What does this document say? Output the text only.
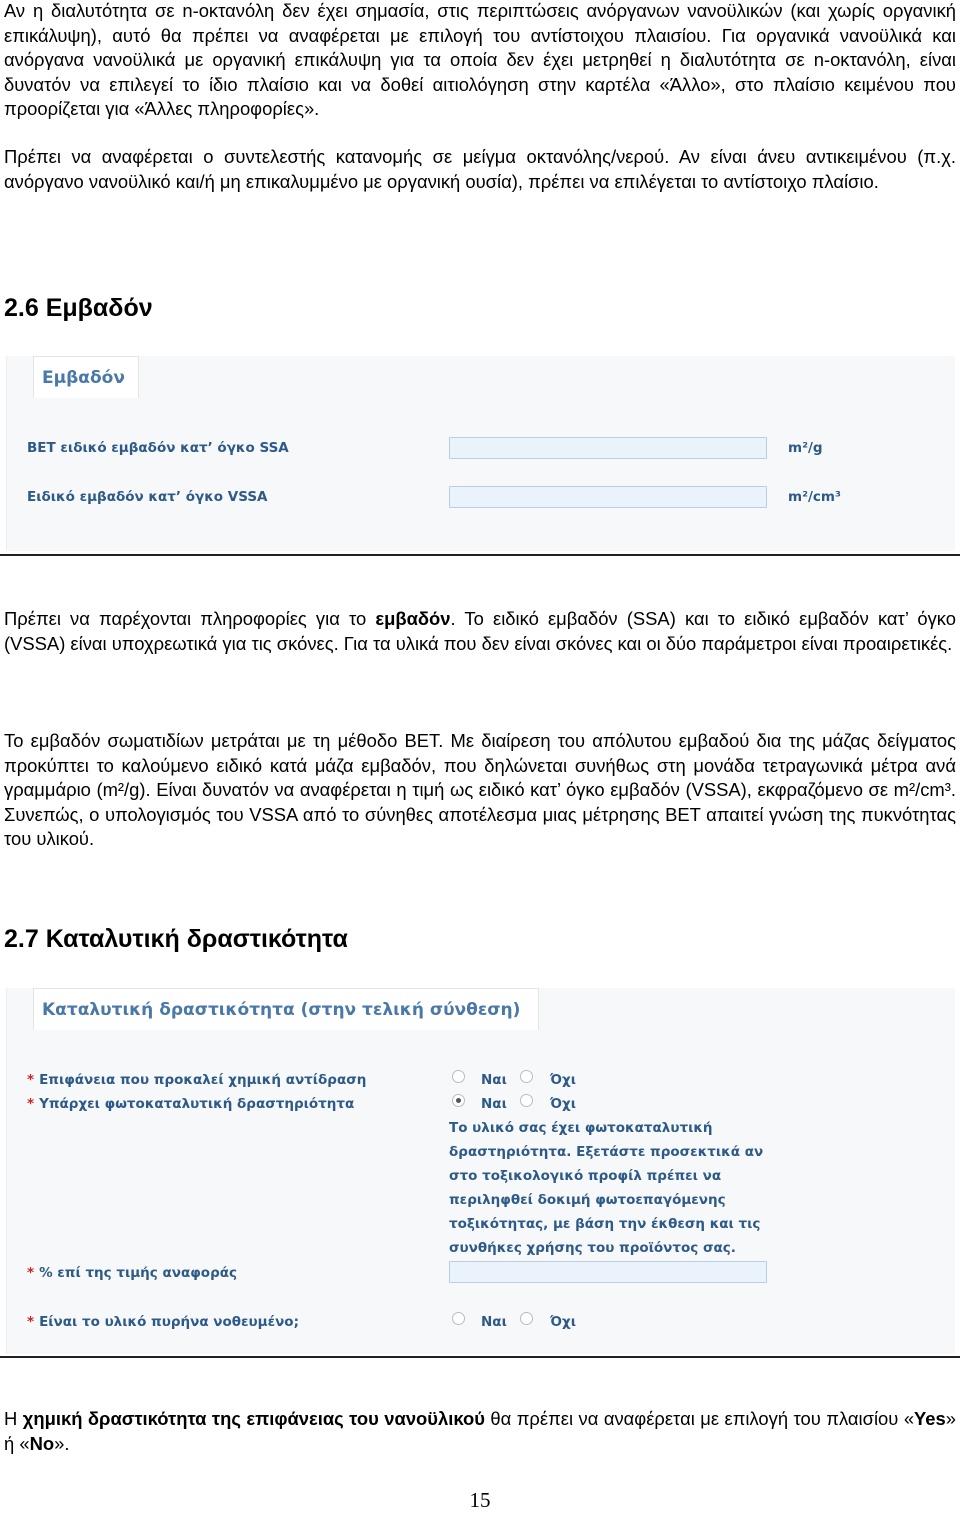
Αν η διαλυτότητα σε n-οκτανόλη δεν έχει σημασία, στις περιπτώσεις ανόργανων νανοϋλικών (και χωρίς οργανική επικάλυψη), αυτό θα πρέπει να αναφέρεται με επιλογή του αντίστοιχου πλαισίου. Για οργανικά νανοϋλικά και ανόργανα νανοϋλικά με οργανική επικάλυψη για τα οποία δεν έχει μετρηθεί η διαλυτότητα σε n-οκτανόλη, είναι δυνατόν να επιλεγεί το ίδιο πλαίσιο και να δοθεί αιτιολόγηση στην καρτέλα «Άλλο», στο πλαίσιο κειμένου που προορίζεται για «Άλλες πληροφορίες».

Πρέπει να αναφέρεται ο συντελεστής κατανομής σε μείγμα οκτανόλης/νερού. Αν είναι άνευ αντικειμένου (π.χ. ανόργανο νανοϋλικό και/ή μη επικαλυμμένο με οργανική ουσία), πρέπει να επιλέγεται το αντίστοιχο πλαίσιο.

2.6 Εμβαδόν
Εμβαδόν
BET ειδικό εμβαδόν κατ’ όγκο SSA	m²/g
Ειδικό εμβαδόν κατ’ όγκο VSSA	m²/cm³

Πρέπει να παρέχονται πληροφορίες για το εμβαδόν. Το ειδικό εμβαδόν (SSA) και το ειδικό εμβαδόν κατ’ όγκο (VSSA) είναι υποχρεωτικά για τις σκόνες. Για τα υλικά που δεν είναι σκόνες και οι δύο παράμετροι είναι προαιρετικές.

Το εμβαδόν σωματιδίων μετράται με τη μέθοδο BET. Με διαίρεση του απόλυτου εμβαδού δια της μάζας δείγματος προκύπτει το καλούμενο ειδικό κατά μάζα εμβαδόν, που δηλώνεται συνήθως στη μονάδα τετραγωνικά μέτρα ανά γραμμάριο (m²/g). Είναι δυνατόν να αναφέρεται η τιμή ως ειδικό κατ’ όγκο εμβαδόν (VSSA), εκφραζόμενο σε m²/cm³. Συνεπώς, ο υπολογισμός του VSSA από το σύνηθες αποτέλεσμα μιας μέτρησης BET απαιτεί γνώση της πυκνότητας του υλικού.

2.7 Καταλυτική δραστικότητα
Καταλυτική δραστικότητα (στην τελική σύνθεση)
* Επιφάνεια που προκαλεί χημική αντίδραση	Ναι	Όχι
* Υπάρχει φωτοκαταλυτική δραστηριότητα	Ναι	Όχι

Το υλικό σας έχει φωτοκαταλυτική δραστηριότητα. Εξετάστε προσεκτικά αν στο τοξικολογικό προφίλ πρέπει να περιληφθεί δοκιμή φωτοεπαγόμενης τοξικότητας, με βάση την έκθεση και τις συνθήκες χρήσης του προϊόντος σας.

* % επί της τιμής αναφοράς
* Είναι το υλικό πυρήνα νοθευμένο;	Ναι	Όχι

Η χημική δραστικότητα της επιφάνειας του νανοϋλικού θα πρέπει να αναφέρεται με επιλογή του πλαισίου «Yes» ή «No».

15
